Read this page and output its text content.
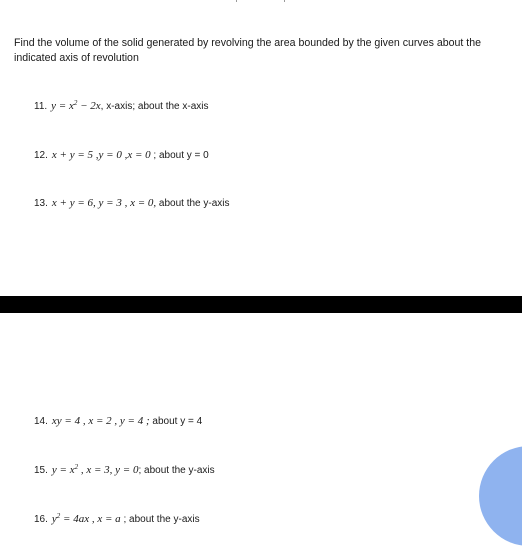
Find the volume of the solid generated by revolving the area bounded by the given curves about the indicated axis of revolution

11. $y = x^2 - 2x$, x-axis; about the x-axis

12. x + y = 5 ,y = 0 ,x = 0 ; about y = 0

13. x + y = 6, y = 3 , x = 0, about the y-axis

14. xy = 4 , x = 2 , y = 4 ; about y = 4

15. $y = x^2$ , x = 3, y = 0; about the y-axis

16. $y^2 = 4ax$ , x = a ; about the y-axis
